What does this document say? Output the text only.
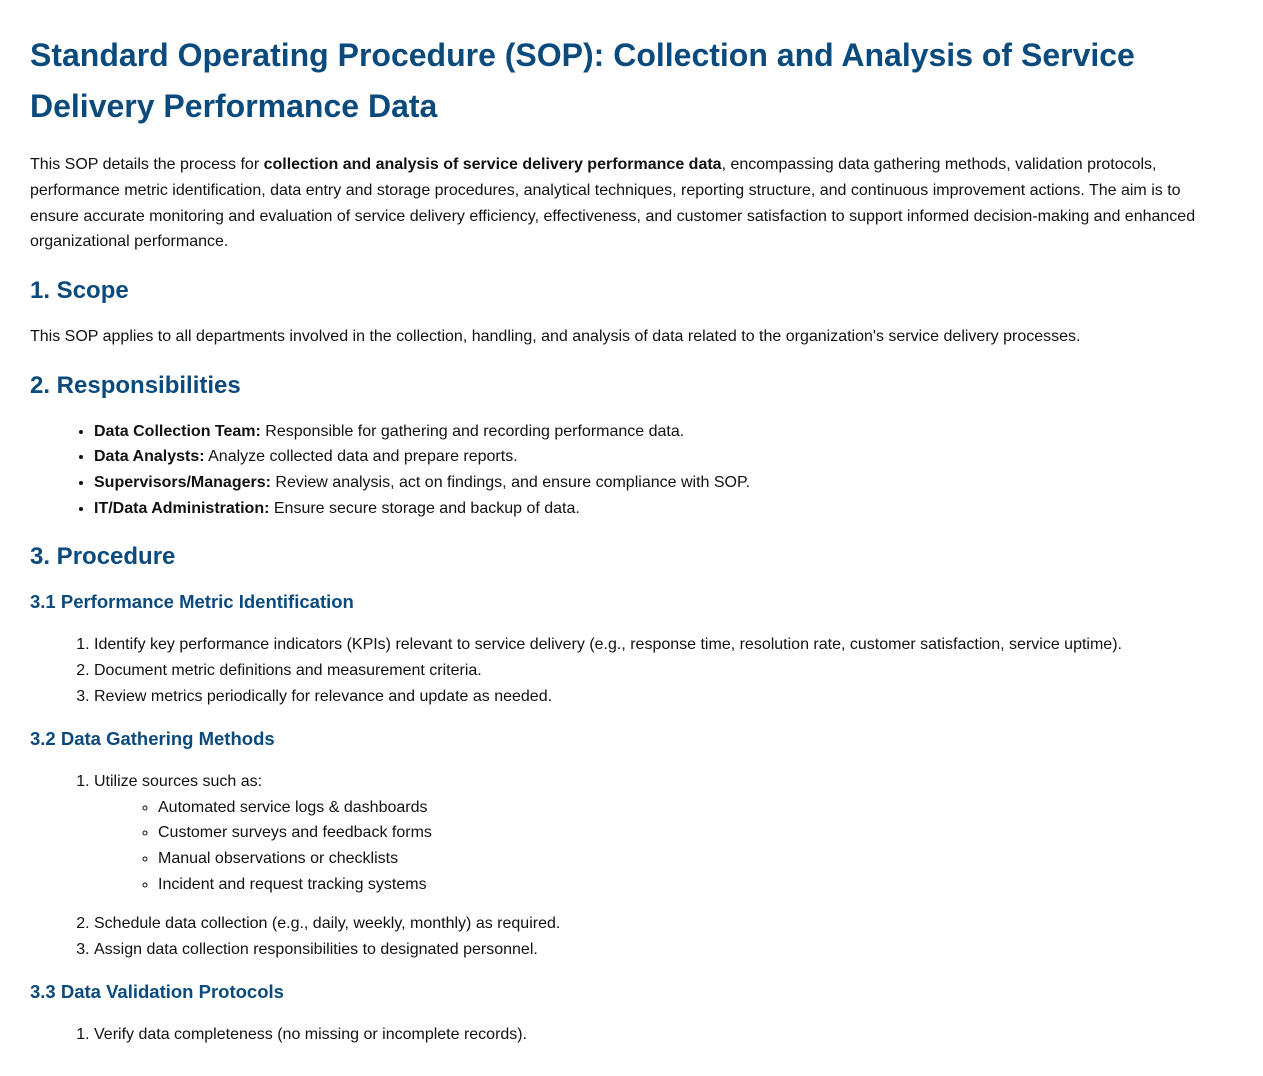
Standard Operating Procedure (SOP): Collection and Analysis of Service Delivery Performance Data

This SOP details the process for collection and analysis of service delivery performance data, encompassing data gathering methods, validation protocols, performance metric identification, data entry and storage procedures, analytical techniques, reporting structure, and continuous improvement actions. The aim is to ensure accurate monitoring and evaluation of service delivery efficiency, effectiveness, and customer satisfaction to support informed decision-making and enhanced organizational performance.

1. Scope

This SOP applies to all departments involved in the collection, handling, and analysis of data related to the organization's service delivery processes.

2. Responsibilities
• Data Collection Team: Responsible for gathering and recording performance data.
• Data Analysts: Analyze collected data and prepare reports.
• Supervisors/Managers: Review analysis, act on findings, and ensure compliance with SOP.
• IT/Data Administration: Ensure secure storage and backup of data.
3. Procedure
3.1 Performance Metric Identification
1. Identify key performance indicators (KPIs) relevant to service delivery (e.g., response time, resolution rate, customer satisfaction, service uptime).
2. Document metric definitions and measurement criteria.
3. Review metrics periodically for relevance and update as needed.
3.2 Data Gathering Methods
1. Utilize sources such as:
◦ Automated service logs & dashboards
◦ Customer surveys and feedback forms
◦ Manual observations or checklists
◦ Incident and request tracking systems
2. Schedule data collection (e.g., daily, weekly, monthly) as required.
3. Assign data collection responsibilities to designated personnel.
3.3 Data Validation Protocols
1. Verify data completeness (no missing or incomplete records).
